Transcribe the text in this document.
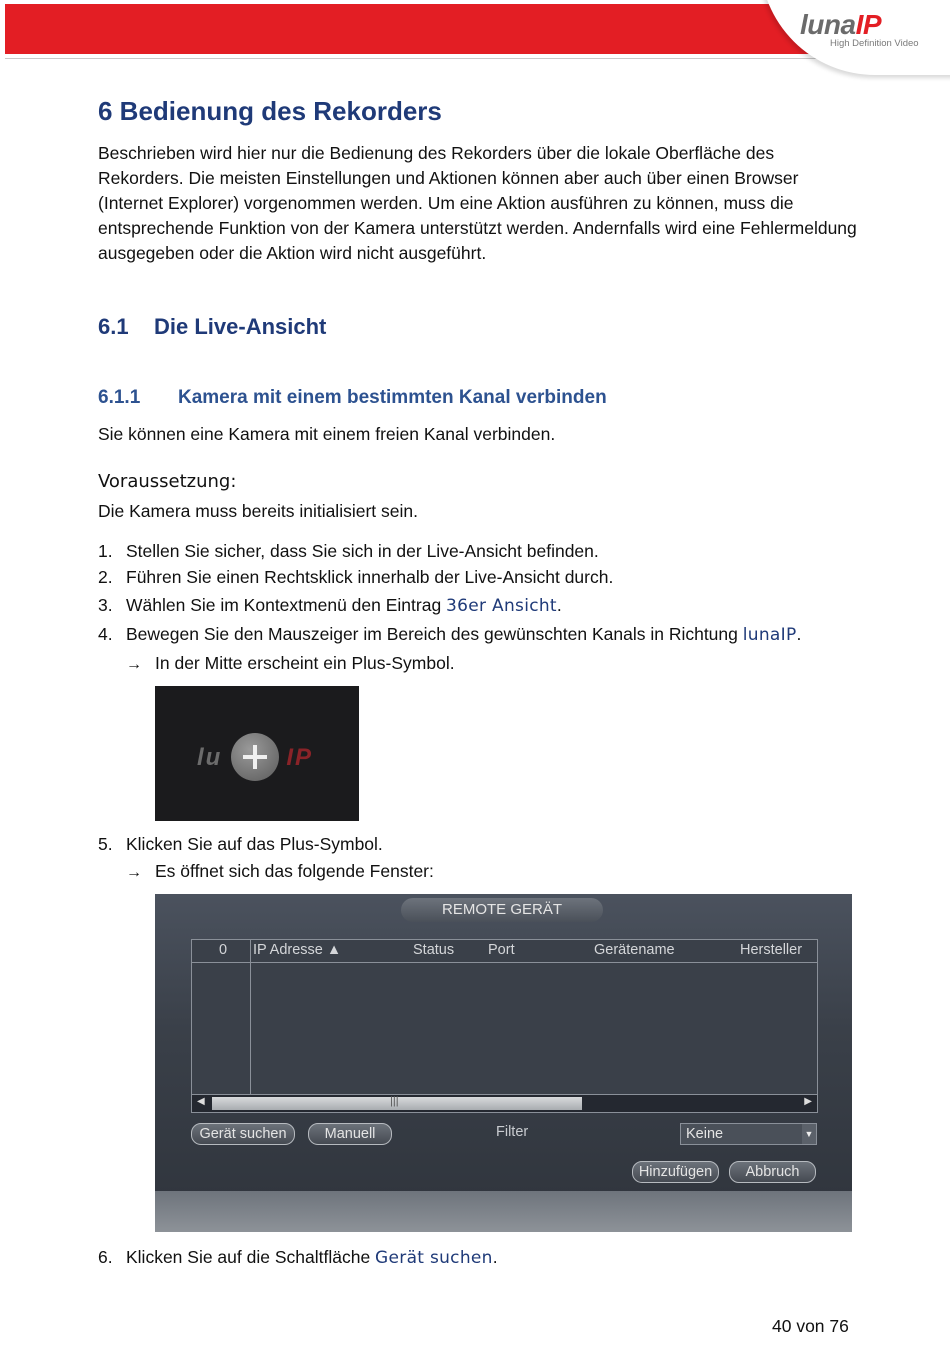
lunaIP
High Definition Video
6 Bedienung des Rekorders
Beschrieben wird hier nur die Bedienung des Rekorders über die lokale Oberfläche des Rekorders. Die meisten Einstellungen und Aktionen können aber auch über einen Browser (Internet Explorer) vorgenommen werden. Um eine Aktion ausführen zu können, muss die entsprechende Funktion von der Kamera unterstützt werden. Andernfalls wird eine Fehlermeldung ausgegeben oder die Aktion wird nicht ausgeführt.
6.1 Die Live-Ansicht
6.1.1 Kamera mit einem bestimmten Kanal verbinden
Sie können eine Kamera mit einem freien Kanal verbinden.
Voraussetzung:
Die Kamera muss bereits initialisiert sein.
1. Stellen Sie sicher, dass Sie sich in der Live-Ansicht befinden.
2. Führen Sie einen Rechtsklick innerhalb der Live-Ansicht durch.
3. Wählen Sie im Kontextmenü den Eintrag 36er Ansicht.
4. Bewegen Sie den Mauszeiger im Bereich des gewünschten Kanals in Richtung lunaIP.
→ In der Mitte erscheint ein Plus-Symbol.
lu	IP
5. Klicken Sie auf das Plus-Symbol.
→ Es öffnet sich das folgende Fenster:
REMOTE GERÄT
0 IP Adresse ▲	Status Port	Gerätename	Hersteller
◀	|||	▶
Gerät suchen	Manuell	Filter	Keine	▼
Hinzufügen	Abbruch
6. Klicken Sie auf die Schaltfläche Gerät suchen.
40 von 76
